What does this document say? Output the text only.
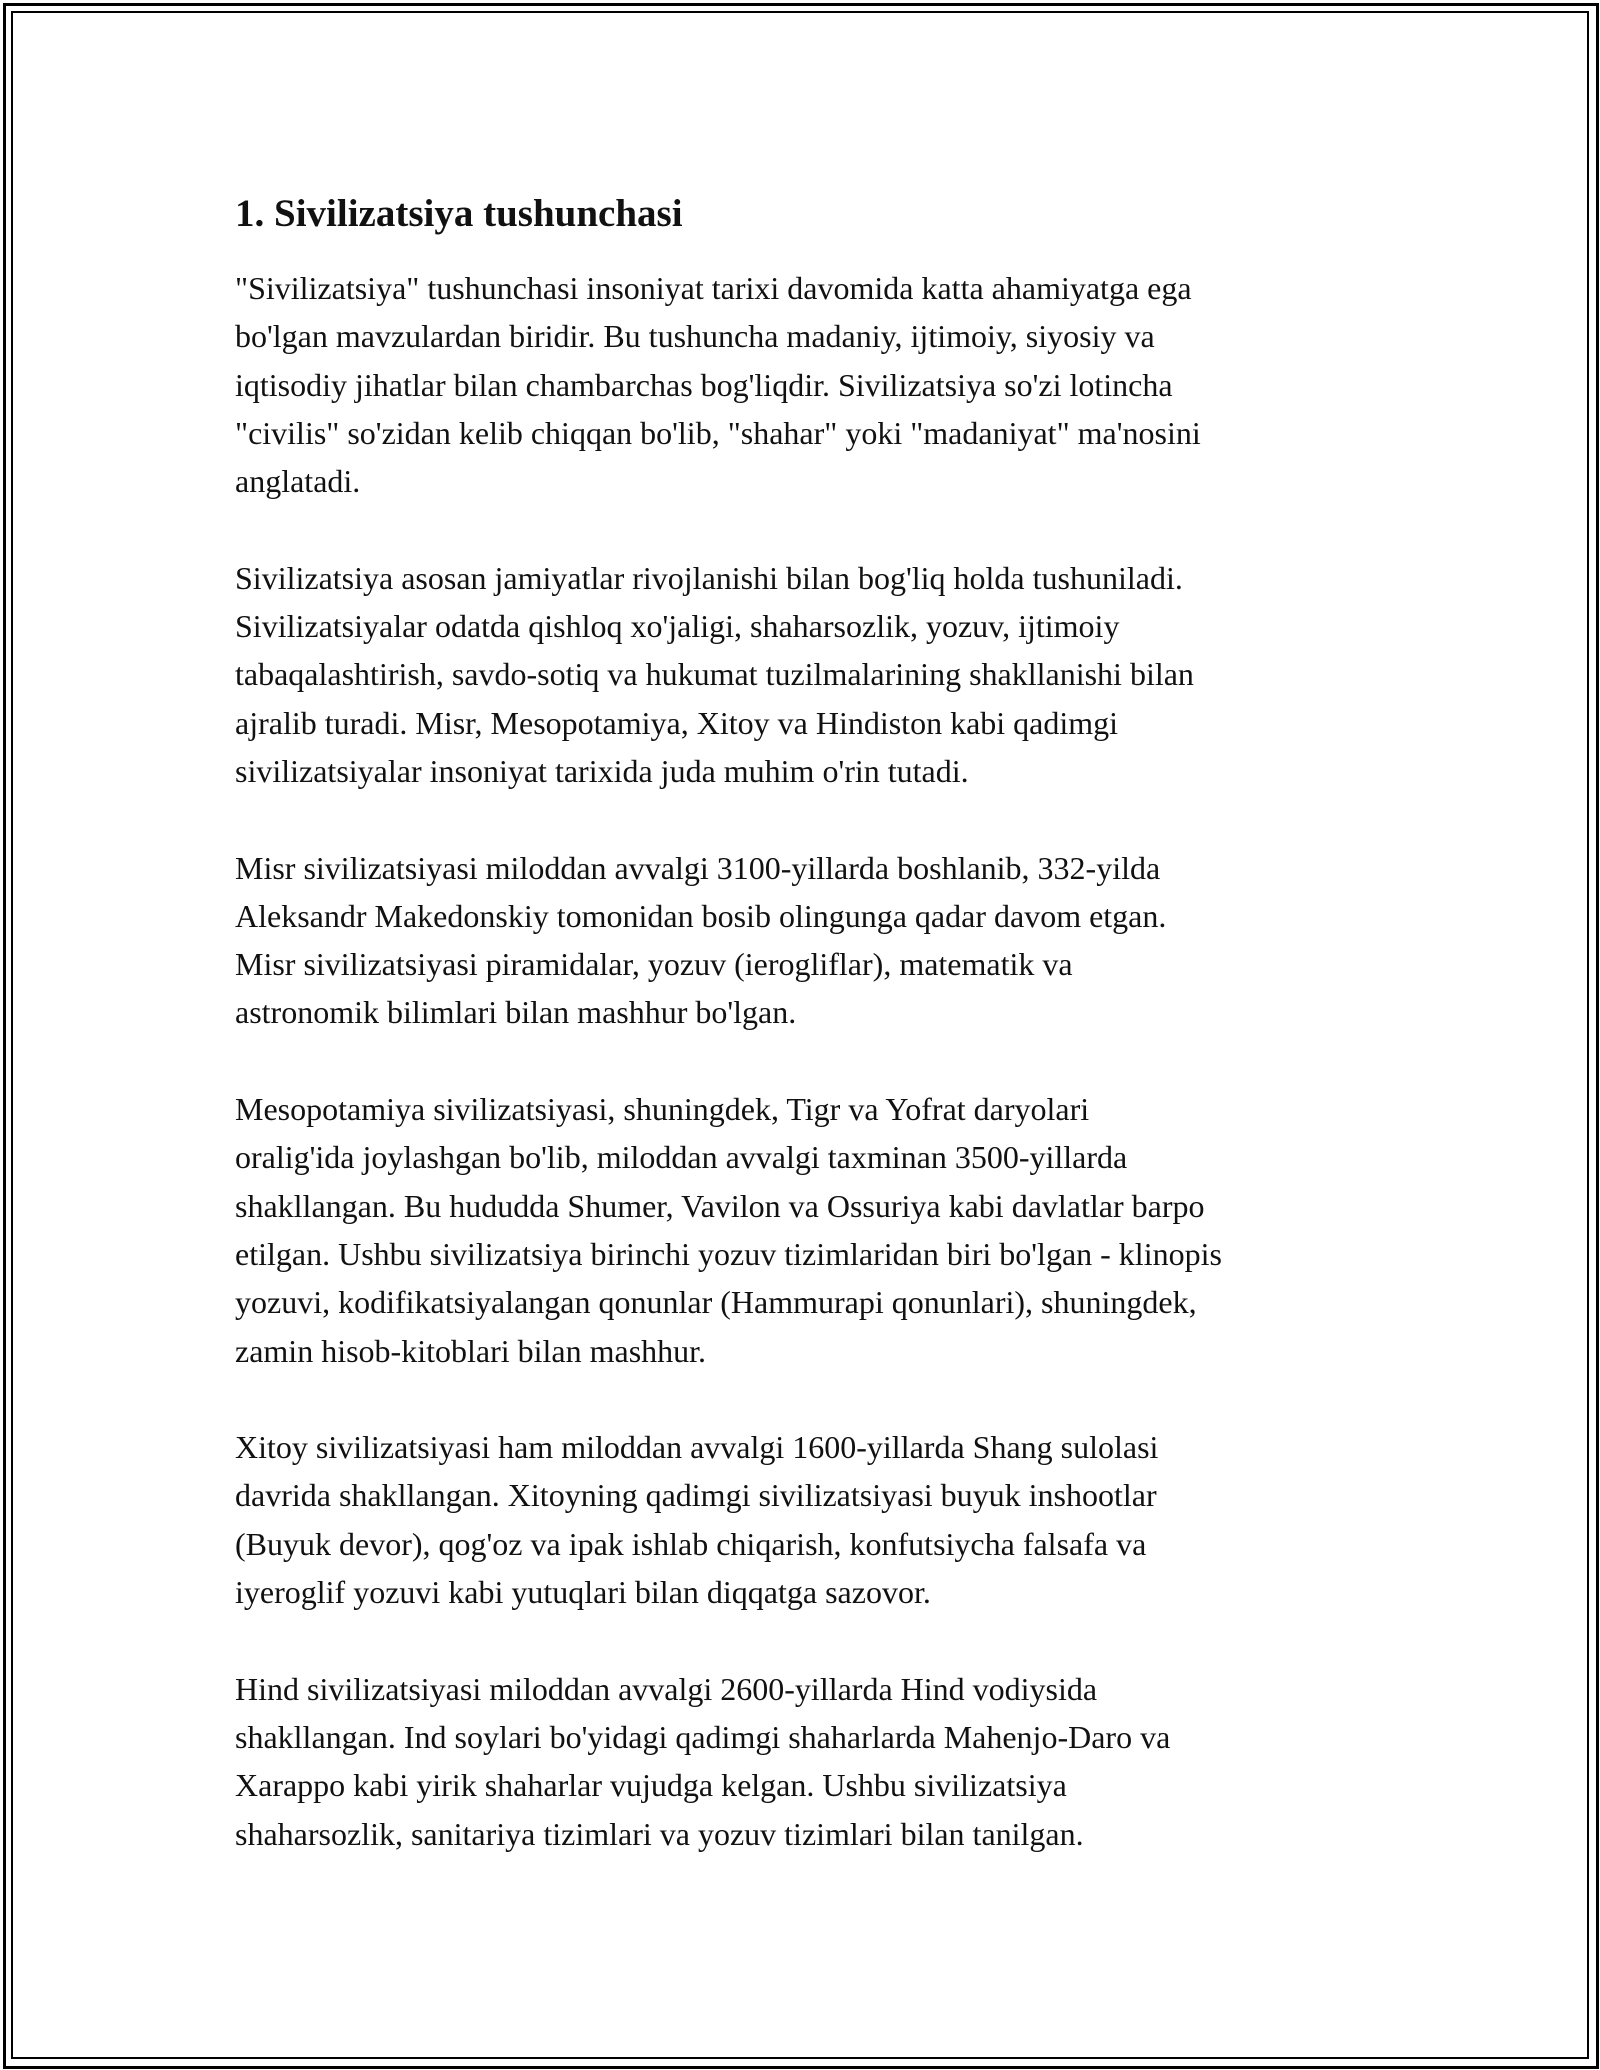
1. Sivilizatsiya tushunchasi

"Sivilizatsiya" tushunchasi insoniyat tarixi davomida katta ahamiyatga ega
bo'lgan mavzulardan biridir. Bu tushuncha madaniy, ijtimoiy, siyosiy va
iqtisodiy jihatlar bilan chambarchas bog'liqdir. Sivilizatsiya so'zi lotincha
"civilis" so'zidan kelib chiqqan bo'lib, "shahar" yoki "madaniyat" ma'nosini
anglatadi.

Sivilizatsiya asosan jamiyatlar rivojlanishi bilan bog'liq holda tushuniladi.
Sivilizatsiyalar odatda qishloq xo'jaligi, shaharsozlik, yozuv, ijtimoiy
tabaqalashtirish, savdo-sotiq va hukumat tuzilmalarining shakllanishi bilan
ajralib turadi. Misr, Mesopotamiya, Xitoy va Hindiston kabi qadimgi
sivilizatsiyalar insoniyat tarixida juda muhim o'rin tutadi.

Misr sivilizatsiyasi miloddan avvalgi 3100-yillarda boshlanib, 332-yilda
Aleksandr Makedonskiy tomonidan bosib olingunga qadar davom etgan.
Misr sivilizatsiyasi piramidalar, yozuv (ierogliflar), matematik va
astronomik bilimlari bilan mashhur bo'lgan.

Mesopotamiya sivilizatsiyasi, shuningdek, Tigr va Yofrat daryolari
oralig'ida joylashgan bo'lib, miloddan avvalgi taxminan 3500-yillarda
shakllangan. Bu hududda Shumer, Vavilon va Ossuriya kabi davlatlar barpo
etilgan. Ushbu sivilizatsiya birinchi yozuv tizimlaridan biri bo'lgan - klinopis
yozuvi, kodifikatsiyalangan qonunlar (Hammurapi qonunlari), shuningdek,
zamin hisob-kitoblari bilan mashhur.

Xitoy sivilizatsiyasi ham miloddan avvalgi 1600-yillarda Shang sulolasi
davrida shakllangan. Xitoyning qadimgi sivilizatsiyasi buyuk inshootlar
(Buyuk devor), qog'oz va ipak ishlab chiqarish, konfutsiycha falsafa va
iyeroglif yozuvi kabi yutuqlari bilan diqqatga sazovor.

Hind sivilizatsiyasi miloddan avvalgi 2600-yillarda Hind vodiysida
shakllangan. Ind soylari bo'yidagi qadimgi shaharlarda Mahenjo-Daro va
Xarappo kabi yirik shaharlar vujudga kelgan. Ushbu sivilizatsiya
shaharsozlik, sanitariya tizimlari va yozuv tizimlari bilan tanilgan.
